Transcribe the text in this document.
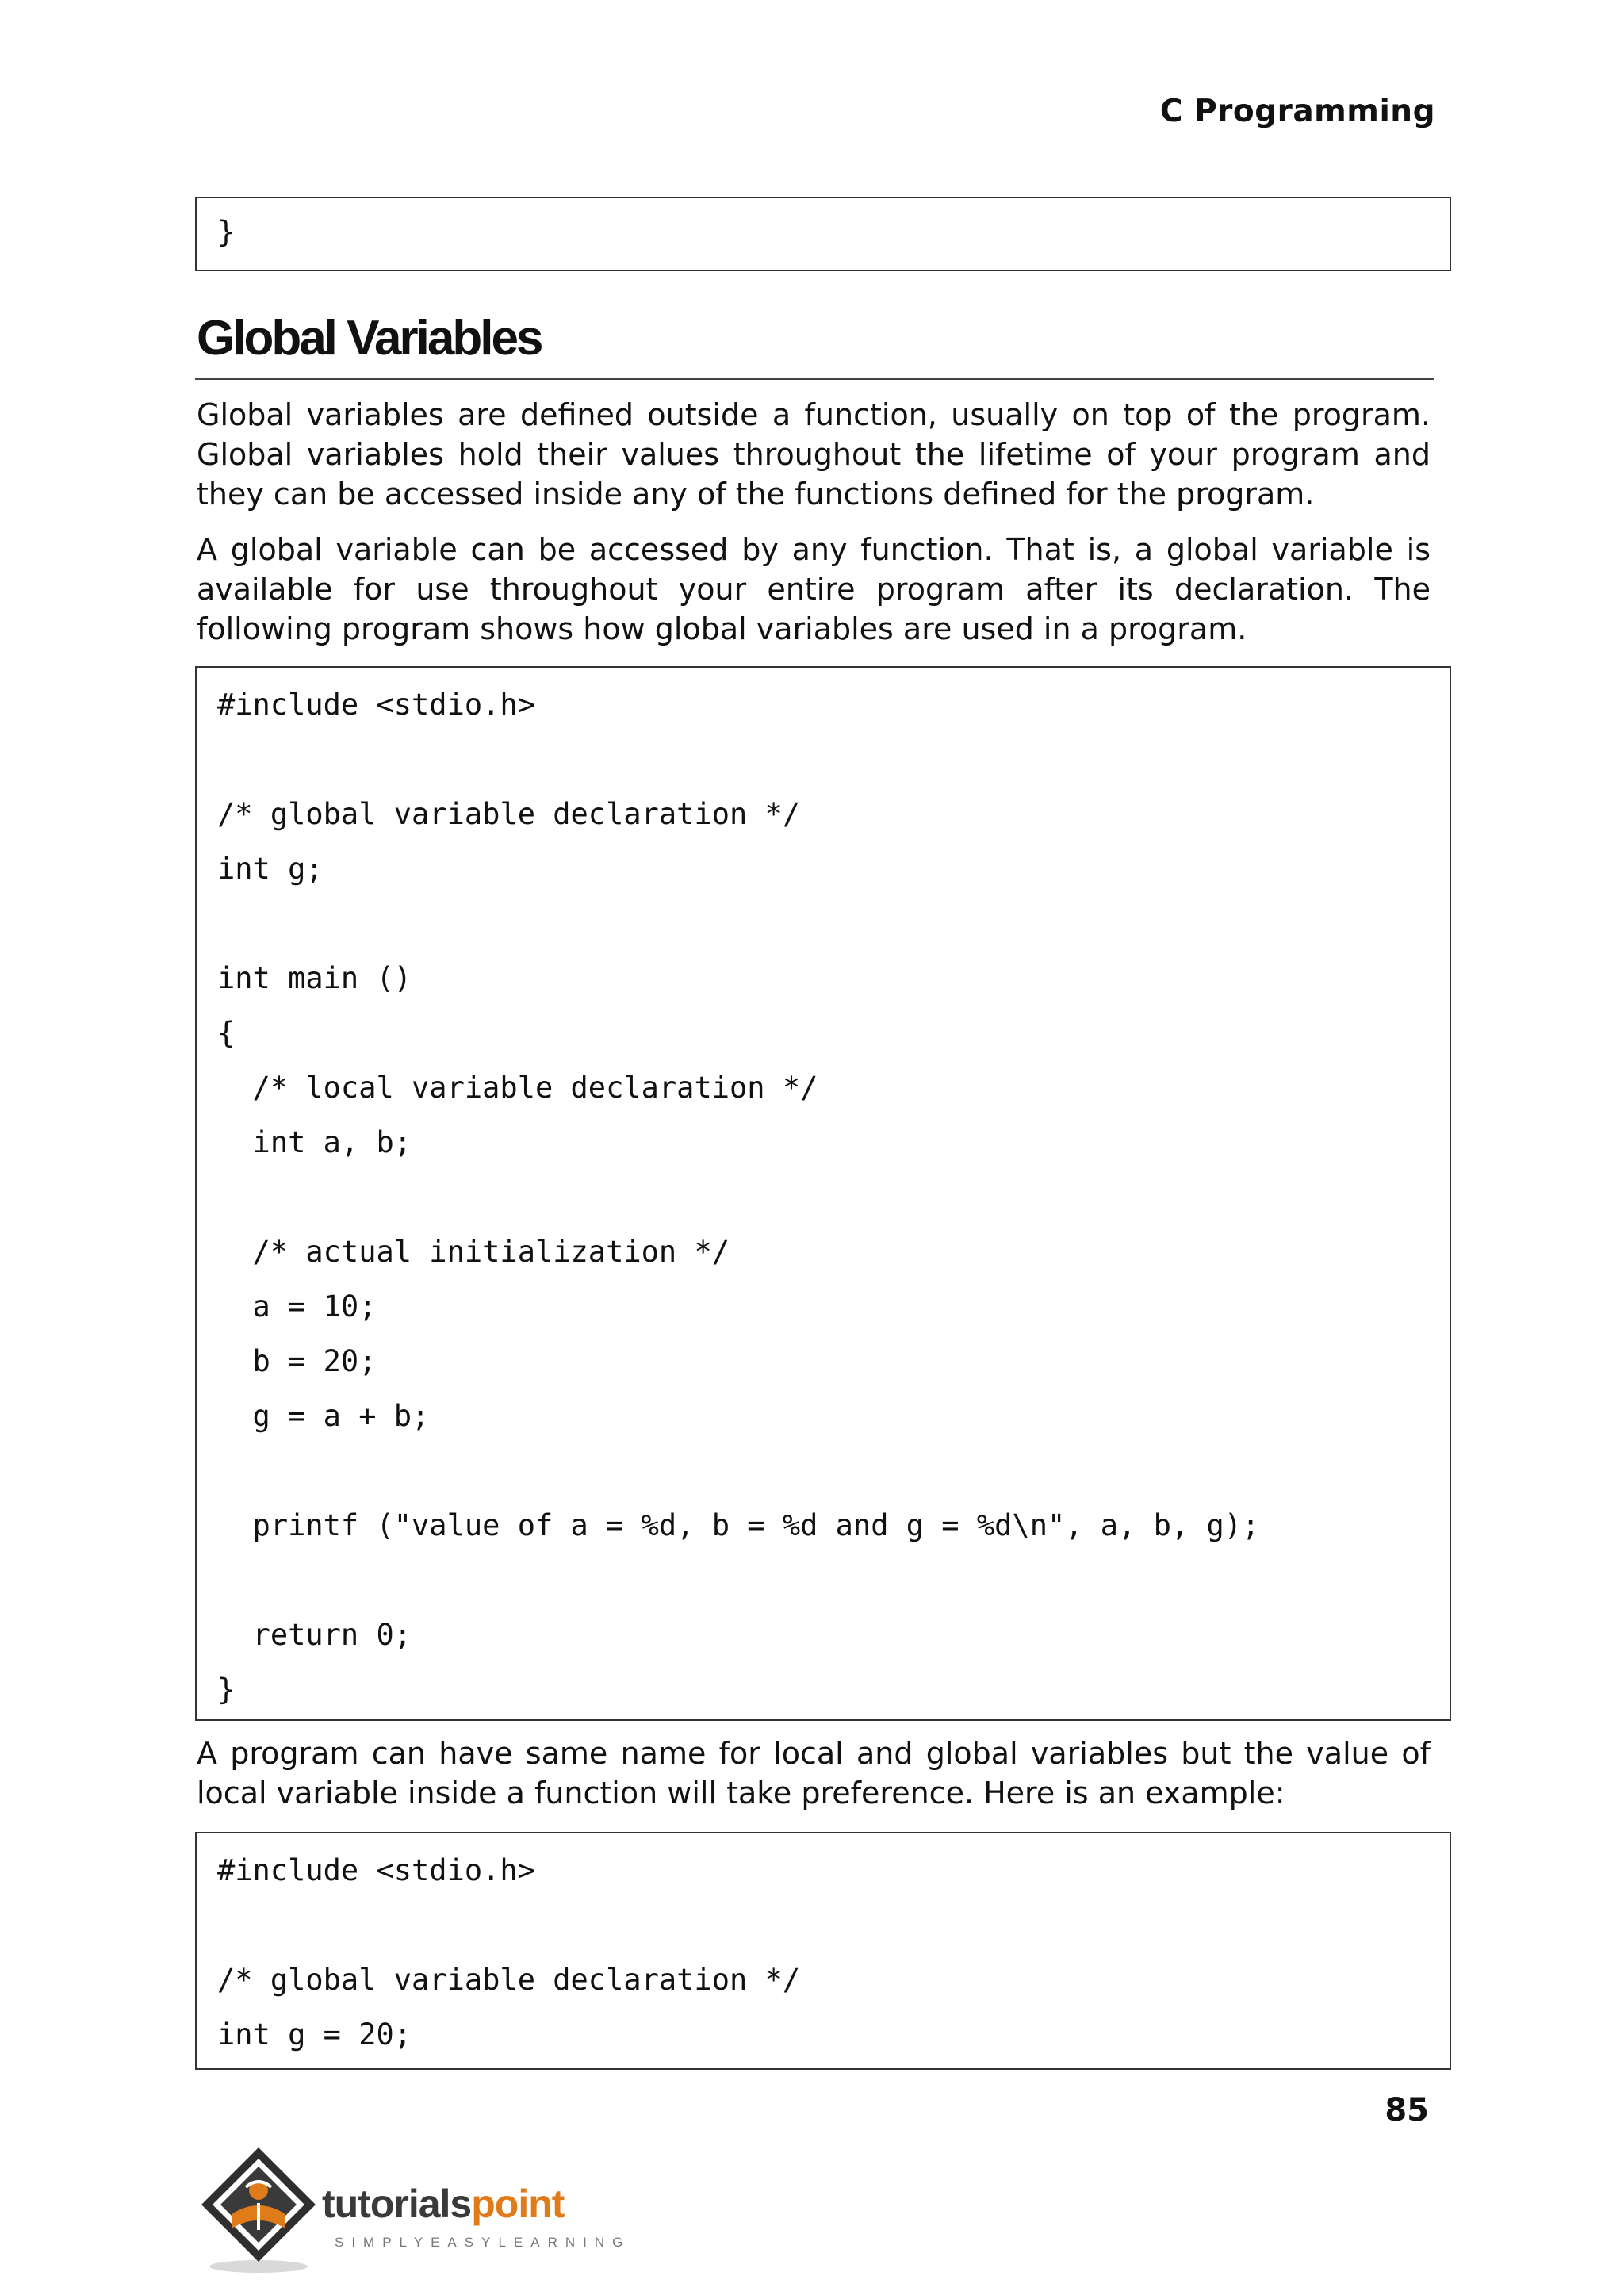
C Programming
}
Global Variables
Global variables are defined outside a function, usually on top of the program. Global variables hold their values throughout the lifetime of your program and they can be accessed inside any of the functions defined for the program.
A global variable can be accessed by any function. That is, a global variable is available for use throughout your entire program after its declaration. The following program shows how global variables are used in a program.
#include <stdio.h>
/* global variable declaration */
int g;
int main ()
{
/* local variable declaration */
int a, b;
/* actual initialization */
a = 10;
b = 20;
g = a + b;
printf ("value of a = %d, b = %d and g = %d\n", a, b, g);
return 0;
}
A program can have same name for local and global variables but the value of local variable inside a function will take preference. Here is an example:
#include <stdio.h>
/* global variable declaration */
int g = 20;
85
tutorialspoint
SIMPLYEASYLEARNING
